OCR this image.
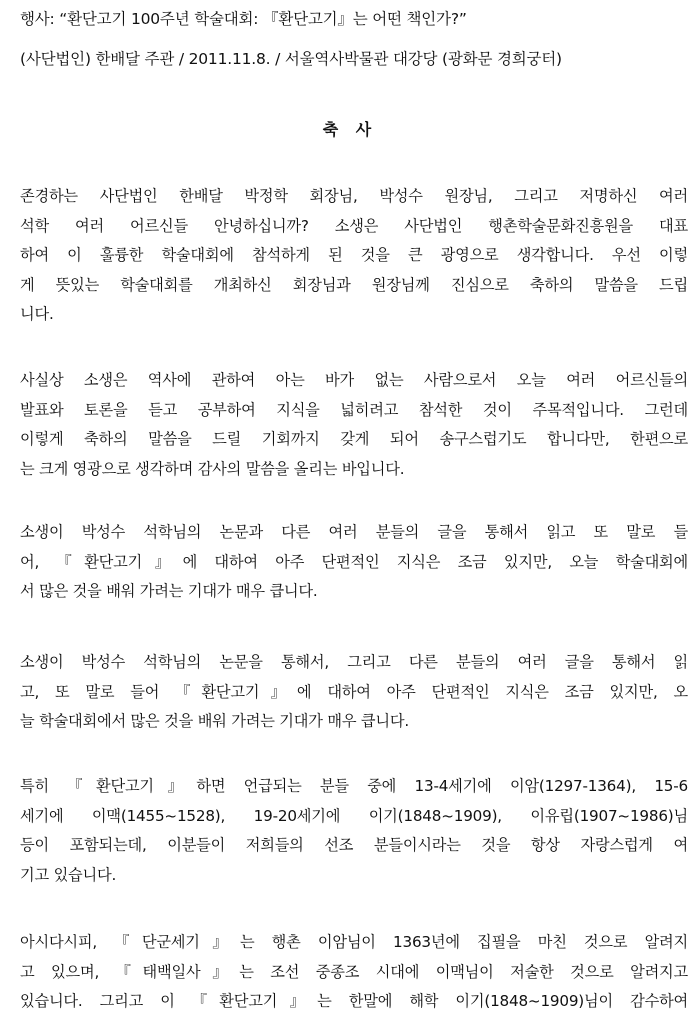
행사: “환단고기 100주년 학술대회: 『환단고기』는 어떤 책인가?”
(사단법인) 한배달 주관 / 2011.11.8. / 서울역사박물관 대강당 (광화문 경희궁터)
축 사
존경하는 사단법인 한배달 박정학 회장님, 박성수 원장님, 그리고 저명하신 여러
석학 여러 어르신들 안녕하십니까? 소생은 사단법인 행촌학술문화진흥원을 대표
하여 이 훌륭한 학술대회에 참석하게 된 것을 큰 광영으로 생각합니다. 우선 이렇
게 뜻있는 학술대회를 개최하신 회장님과 원장님께 진심으로 축하의 말씀을 드립
니다.
사실상 소생은 역사에 관하여 아는 바가 없는 사람으로서 오늘 여러 어르신들의
발표와 토론을 듣고 공부하여 지식을 넓히려고 참석한 것이 주목적입니다. 그런데
이렇게 축하의 말씀을 드릴 기회까지 갖게 되어 송구스럽기도 합니다만, 한편으로
는 크게 영광으로 생각하며 감사의 말씀을 올리는 바입니다.
소생이 박성수 석학님의 논문과 다른 여러 분들의 글을 통해서 읽고 또 말로 들
어, 『환단고기』에 대하여 아주 단편적인 지식은 조금 있지만, 오늘 학술대회에
서 많은 것을 배워 가려는 기대가 매우 큽니다.
소생이 박성수 석학님의 논문을 통해서, 그리고 다른 분들의 여러 글을 통해서 읽
고, 또 말로 들어 『환단고기』에 대하여 아주 단편적인 지식은 조금 있지만, 오
늘 학술대회에서 많은 것을 배워 가려는 기대가 매우 큽니다.
특히 『환단고기』하면 언급되는 분들 중에 13-4세기에 이암(1297-1364), 15-6
세기에 이맥(1455~1528), 19-20세기에 이기(1848~1909), 이유립(1907~1986)님
등이 포함되는데, 이분들이 저희들의 선조 분들이시라는 것을 항상 자랑스럽게 여
기고 있습니다.
아시다시피, 『단군세기』는 행촌 이암님이 1363년에 집필을 마친 것으로 알려지
고 있으며, 『태백일사』는 조선 중종조 시대에 이맥님이 저술한 것으로 알려지고
있습니다. 그리고 이 『환단고기』는 한말에 해학 이기(1848~1909)님이 감수하여
